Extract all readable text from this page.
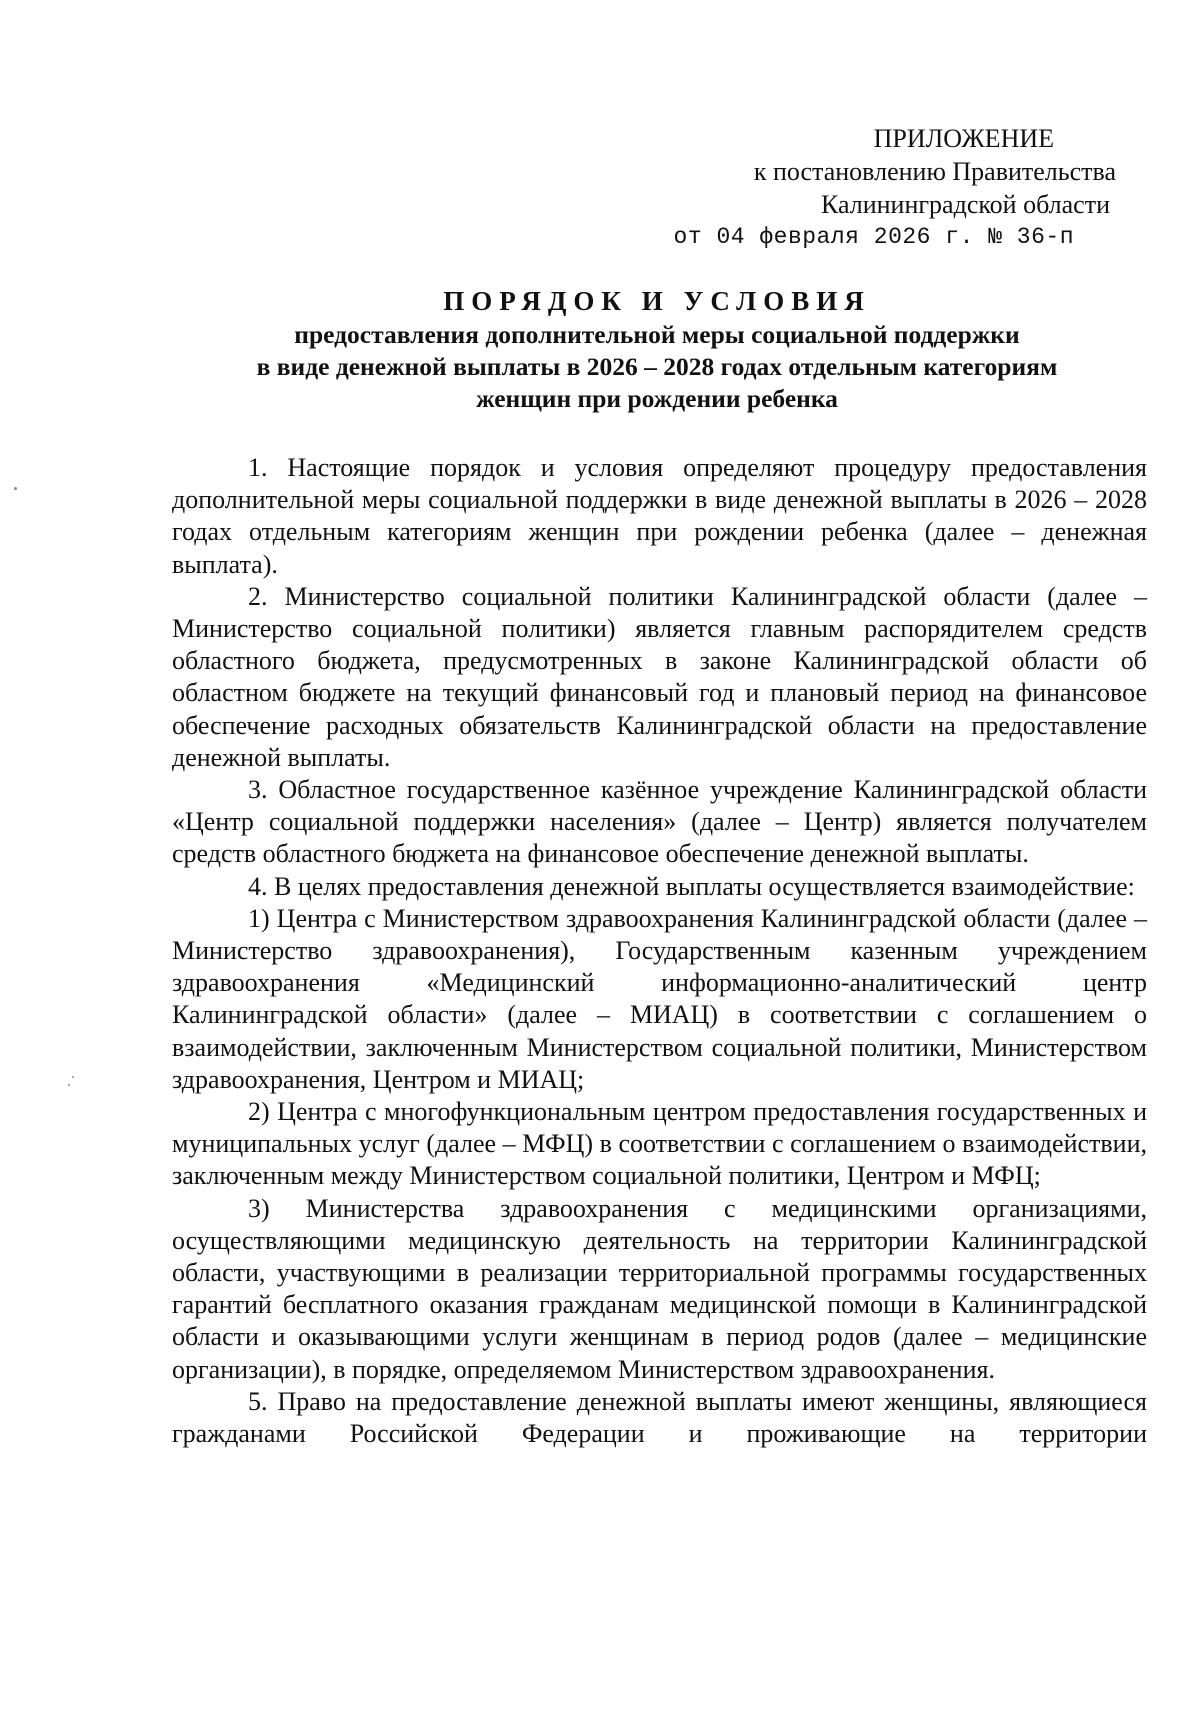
ПРИЛОЖЕНИЕ
к постановлению Правительства
Калининградской области
от 04 февраля 2026 г. № 36-п

ПОРЯДОК И УСЛОВИЯ

предоставления дополнительной меры социальной поддержки

в виде денежной выплаты в 2026 – 2028 годах отдельным категориям

женщин при рождении ребенка

1. Настоящие порядок и условия определяют процедуру предоставления дополнительной меры социальной поддержки в виде денежной выплаты в 2026 – 2028 годах отдельным категориям женщин при рождении ребенка (далее – денежная выплата).

2. Министерство социальной политики Калининградской области (далее – Министерство социальной политики) является главным распорядителем средств областного бюджета, предусмотренных в законе Калининградской области об областном бюджете на текущий финансовый год и плановый период на финансовое обеспечение расходных обязательств Калининградской области на предоставление денежной выплаты.

3. Областное государственное казённое учреждение Калининградской области «Центр социальной поддержки населения» (далее – Центр) является получателем средств областного бюджета на финансовое обеспечение денежной выплаты.

4. В целях предоставления денежной выплаты осуществляется взаимодействие:

1) Центра с Министерством здравоохранения Калининградской области (далее – Министерство здравоохранения), Государственным казенным учреждением здравоохранения «Медицинский информационно-аналитический центр Калининградской области» (далее – МИАЦ) в соответствии с соглашением о взаимодействии, заключенным Министерством социальной политики, Министерством здравоохранения, Центром и МИАЦ;

2) Центра с многофункциональным центром предоставления государственных и муниципальных услуг (далее – МФЦ) в соответствии с соглашением о взаимодействии, заключенным между Министерством социальной политики, Центром и МФЦ;

3) Министерства здравоохранения с медицинскими организациями, осуществляющими медицинскую деятельность на территории Калининградской области, участвующими в реализации территориальной программы государственных гарантий бесплатного оказания гражданам медицинской помощи в Калининградской области и оказывающими услуги женщинам в период родов (далее – медицинские организации), в порядке, определяемом Министерством здравоохранения.

5. Право на предоставление денежной выплаты имеют женщины, являющиеся гражданами Российской Федерации и проживающие на территории
